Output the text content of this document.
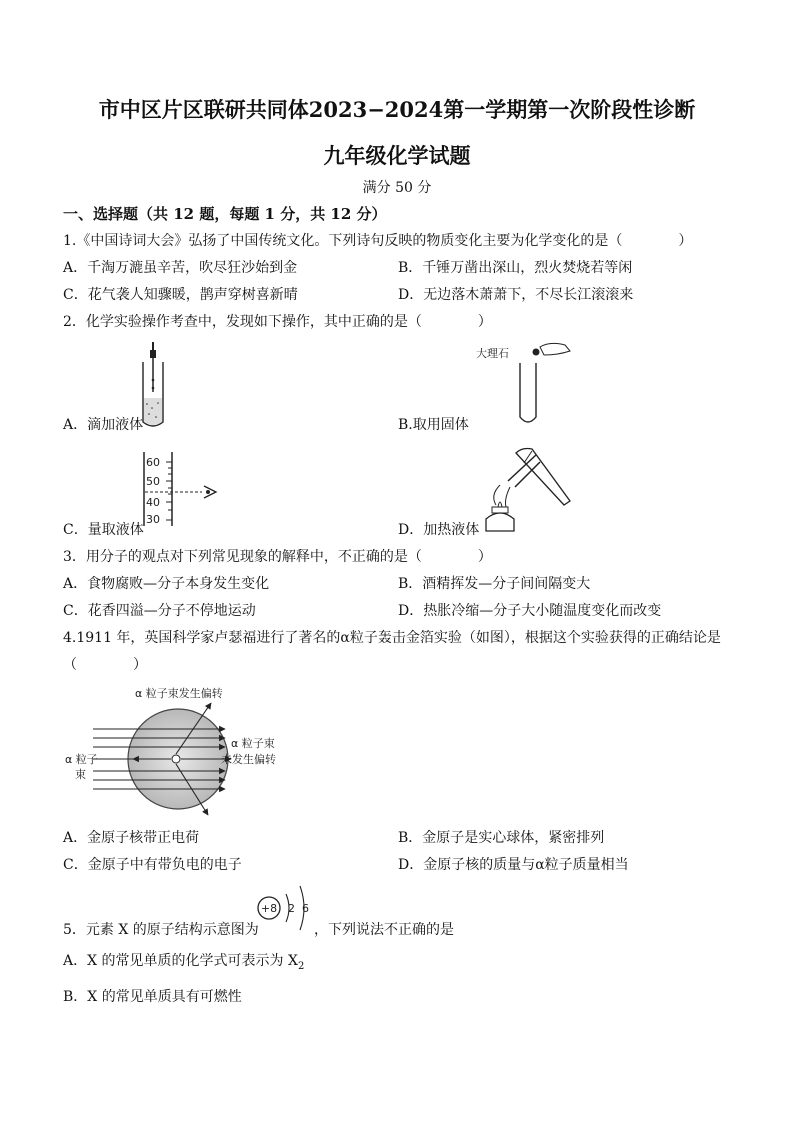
市中区片区联研共同体2023−2024第一学期第一次阶段性诊断
九年级化学试题
满分 50 分
一、选择题（共 12 题，每题 1 分，共 12 分）
1.《中国诗词大会》弘扬了中国传统文化。下列诗句反映的物质变化主要为化学变化的是（　　　　）
A．千淘万漉虽辛苦，吹尽狂沙始到金	B．千锤万凿出深山，烈火焚烧若等闲
C．花气袭人知骤暖，鹊声穿树喜新晴	D．无边落木萧萧下，不尽长江滚滚来
2．化学实验操作考查中，发现如下操作，其中正确的是（　　　　）
A．滴加液体
大理石
B.取用固体
60
50
40
30
C．量取液体	D．加热液体
3．用分子的观点对下列常见现象的解释中，不正确的是（　　　　）
A．食物腐败—分子本身发生变化	B．酒精挥发—分子间间隔变大
C．花香四溢—分子不停地运动	D．热胀冷缩—分子大小随温度变化而改变
4.1911 年，英国科学家卢瑟福进行了著名的α粒子轰击金箔实验（如图），根据这个实验获得的正确结论是
（　　　　）
α 粒子束发生偏转
α 粒子束
未发生偏转
α 粒子
束
A．金原子核带正电荷	B．金原子是实心球体，紧密排列
C．金原子中有带负电的电子	D．金原子核的质量与α粒子质量相当
5．元素 X 的原子结构示意图为
+8 2 6
，下列说法不正确的是
A．X 的常见单质的化学式可表示为 $X_2$
B．X 的常见单质具有可燃性
